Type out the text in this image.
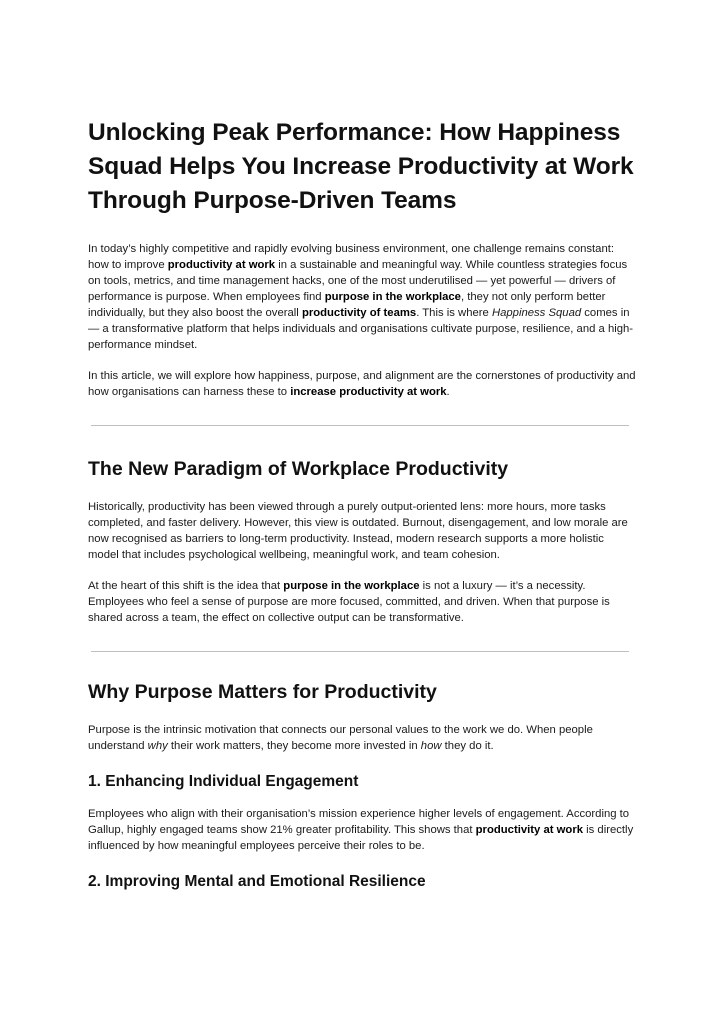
Unlocking Peak Performance: How Happiness Squad Helps You Increase Productivity at Work Through Purpose-Driven Teams

In today’s highly competitive and rapidly evolving business environment, one challenge remains constant: how to improve productivity at work in a sustainable and meaningful way. While countless strategies focus on tools, metrics, and time management hacks, one of the most underutilised — yet powerful — drivers of performance is purpose. When employees find purpose in the workplace, they not only perform better individually, but they also boost the overall productivity of teams. This is where Happiness Squad comes in — a transformative platform that helps individuals and organisations cultivate purpose, resilience, and a high-performance mindset.

In this article, we will explore how happiness, purpose, and alignment are the cornerstones of productivity and how organisations can harness these to increase productivity at work.

The New Paradigm of Workplace Productivity

Historically, productivity has been viewed through a purely output-oriented lens: more hours, more tasks completed, and faster delivery. However, this view is outdated. Burnout, disengagement, and low morale are now recognised as barriers to long-term productivity. Instead, modern research supports a more holistic model that includes psychological wellbeing, meaningful work, and team cohesion.

At the heart of this shift is the idea that purpose in the workplace is not a luxury — it’s a necessity. Employees who feel a sense of purpose are more focused, committed, and driven. When that purpose is shared across a team, the effect on collective output can be transformative.

Why Purpose Matters for Productivity

Purpose is the intrinsic motivation that connects our personal values to the work we do. When people understand why their work matters, they become more invested in how they do it.

1. Enhancing Individual Engagement

Employees who align with their organisation’s mission experience higher levels of engagement. According to Gallup, highly engaged teams show 21% greater profitability. This shows that productivity at work is directly influenced by how meaningful employees perceive their roles to be.

2. Improving Mental and Emotional Resilience
